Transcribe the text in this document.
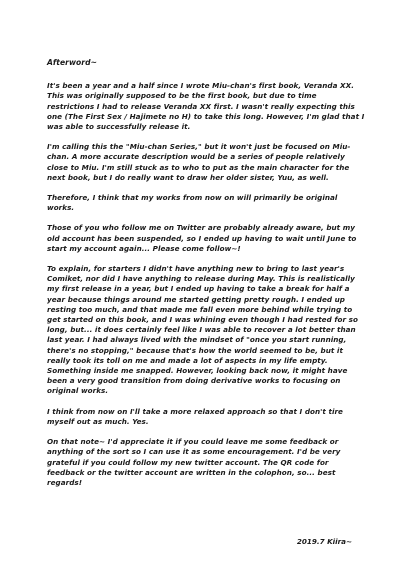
Afterword~
It's been a year and a half since I wrote Miu-chan's first book, Veranda XX. This was originally supposed to be the first book, but due to time restrictions I had to release Veranda XX first. I wasn't really expecting this one (The First Sex / Hajimete no H) to take this long. However, I'm glad that I was able to successfully release it.
I'm calling this the "Miu-chan Series," but it won't just be focused on Miu-chan. A more accurate description would be a series of people relatively close to Miu. I'm still stuck as to who to put as the main character for the next book, but I do really want to draw her older sister, Yuu, as well.
Therefore, I think that my works from now on will primarily be original works.
Those of you who follow me on Twitter are probably already aware, but my old account has been suspended, so I ended up having to wait until June to start my account again... Please come follow~!
To explain, for starters I didn't have anything new to bring to last year's Comiket, nor did I have anything to release during May. This is realistically my first release in a year, but I ended up having to take a break for half a year because things around me started getting pretty rough. I ended up resting too much, and that made me fall even more behind while trying to get started on this book, and I was whining even though I had rested for so long, but... it does certainly feel like I was able to recover a lot better than last year. I had always lived with the mindset of "once you start running, there's no stopping," because that's how the world seemed to be, but it really took its toll on me and made a lot of aspects in my life empty. Something inside me snapped. However, looking back now, it might have been a very good transition from doing derivative works to focusing on original works.
I think from now on I'll take a more relaxed approach so that I don't tire myself out as much. Yes.
On that note~ I'd appreciate it if you could leave me some feedback or anything of the sort so I can use it as some encouragement. I'd be very grateful if you could follow my new twitter account. The QR code for feedback or the twitter account are written in the colophon, so... best regards!
2019.7 Kiira~
